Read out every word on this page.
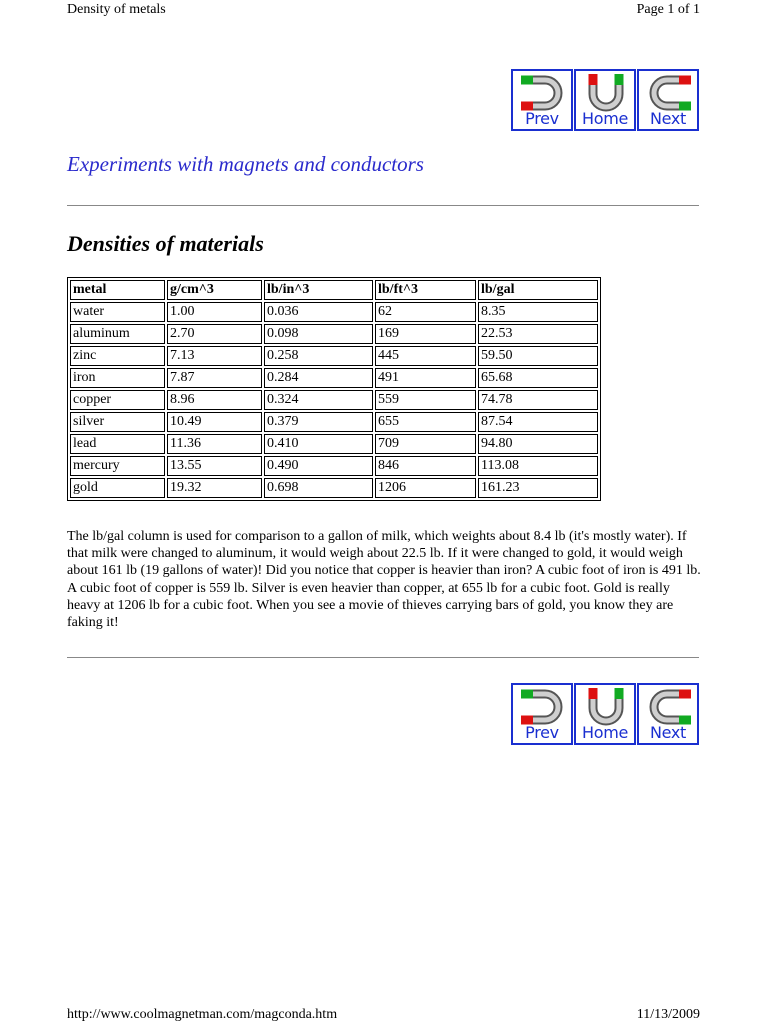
Density of metals	Page 1 of 1
Prev	Home	Next
Experiments with magnets and conductors
Densities of materials
metal	g/cm^3	lb/in^3	lb/ft^3	lb/gal
water	1.00	0.036	62	8.35
aluminum	2.70	0.098	169	22.53
zinc	7.13	0.258	445	59.50
iron	7.87	0.284	491	65.68
copper	8.96	0.324	559	74.78
silver	10.49	0.379	655	87.54
lead	11.36	0.410	709	94.80
mercury	13.55	0.490	846	113.08
gold	19.32	0.698	1206	161.23

The lb/gal column is used for comparison to a gallon of milk, which weights about 8.4 lb (it's mostly water). If that milk were changed to aluminum, it would weigh about 22.5 lb. If it were changed to gold, it would weigh about 161 lb (19 gallons of water)! Did you notice that copper is heavier than iron? A cubic foot of iron is 491 lb. A cubic foot of copper is 559 lb. Silver is even heavier than copper, at 655 lb for a cubic foot. Gold is really heavy at 1206 lb for a cubic foot. When you see a movie of thieves carrying bars of gold, you know they are faking it!

Prev	Home	Next
http://www.coolmagnetman.com/magconda.htm	11/13/2009
